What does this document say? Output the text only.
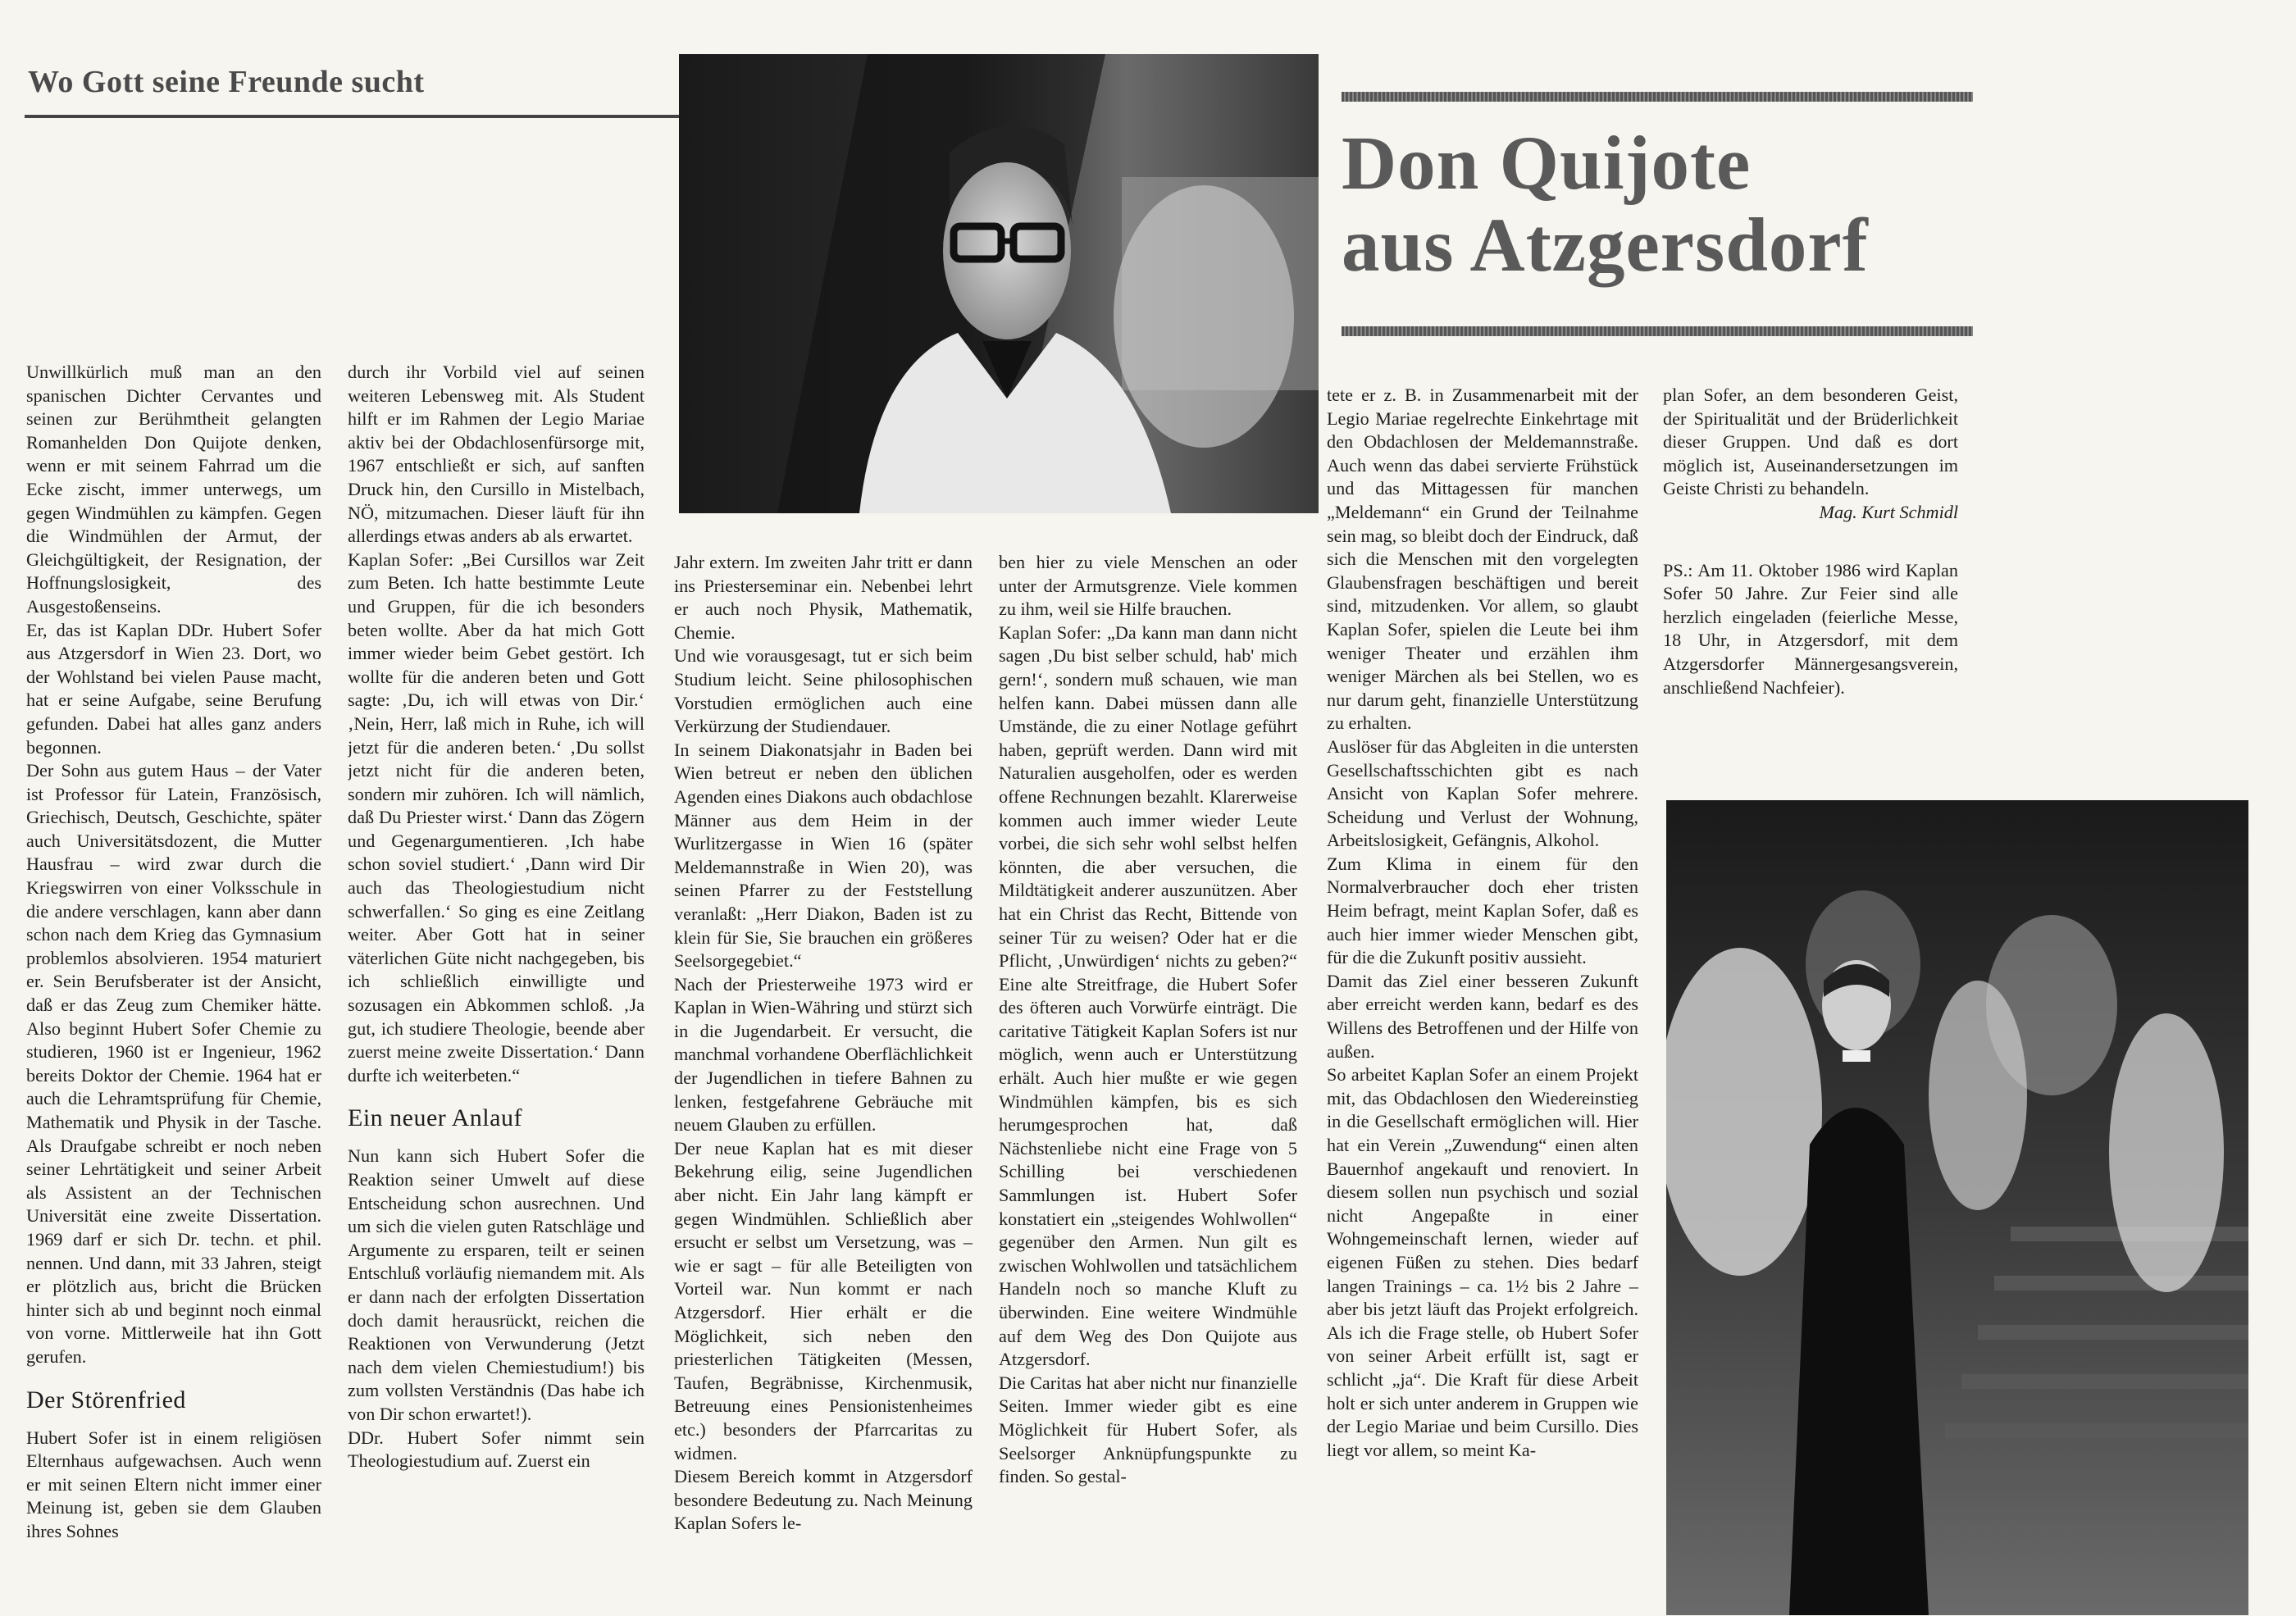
Wo Gott seine Freunde sucht
Don Quijote
aus Atzgersdorf

Unwillkürlich muß man an den spanischen Dichter Cervantes und seinen zur Berühmtheit gelangten Romanhelden Don Quijote denken, wenn er mit seinem Fahrrad um die Ecke zischt, immer unterwegs, um gegen Windmühlen zu kämpfen. Gegen die Windmühlen der Armut, der Gleichgültigkeit, der Resignation, der Hoffnungslosigkeit, des Ausgestoßenseins.

Er, das ist Kaplan DDr. Hubert Sofer aus Atzgersdorf in Wien 23. Dort, wo der Wohlstand bei vielen Pause macht, hat er seine Aufgabe, seine Berufung gefunden. Dabei hat alles ganz anders begonnen.

Der Sohn aus gutem Haus – der Vater ist Professor für Latein, Französisch, Griechisch, Deutsch, Geschichte, später auch Universitätsdozent, die Mutter Hausfrau – wird zwar durch die Kriegswirren von einer Volksschule in die andere verschlagen, kann aber dann schon nach dem Krieg das Gymnasium problemlos absolvieren. 1954 maturiert er. Sein Berufsberater ist der Ansicht, daß er das Zeug zum Chemiker hätte. Also beginnt Hubert Sofer Chemie zu studieren, 1960 ist er Ingenieur, 1962 bereits Doktor der Chemie. 1964 hat er auch die Lehramtsprüfung für Chemie, Mathematik und Physik in der Tasche. Als Draufgabe schreibt er noch neben seiner Lehrtätigkeit und seiner Arbeit als Assistent an der Technischen Universität eine zweite Dissertation. 1969 darf er sich Dr. techn. et phil. nennen. Und dann, mit 33 Jahren, steigt er plötzlich aus, bricht die Brücken hinter sich ab und beginnt noch einmal von vorne. Mittlerweile hat ihn Gott gerufen.

Der Störenfried

Hubert Sofer ist in einem religiösen Elternhaus aufgewachsen. Auch wenn er mit seinen Eltern nicht immer einer Meinung ist, geben sie dem Glauben ihres Sohnes

durch ihr Vorbild viel auf seinen weiteren Lebensweg mit. Als Student hilft er im Rahmen der Legio Mariae aktiv bei der Obdachlosenfürsorge mit, 1967 entschließt er sich, auf sanften Druck hin, den Cursillo in Mistelbach, NÖ, mitzumachen. Dieser läuft für ihn allerdings etwas anders ab als erwartet.

Kaplan Sofer: „Bei Cursillos war Zeit zum Beten. Ich hatte bestimmte Leute und Gruppen, für die ich besonders beten wollte. Aber da hat mich Gott immer wieder beim Gebet gestört. Ich wollte für die anderen beten und Gott sagte: ‚Du, ich will etwas von Dir.‘ ‚Nein, Herr, laß mich in Ruhe, ich will jetzt für die anderen beten.‘ ‚Du sollst jetzt nicht für die anderen beten, sondern mir zuhören. Ich will nämlich, daß Du Priester wirst.‘ Dann das Zögern und Gegenargumentieren. ‚Ich habe schon soviel studiert.‘ ‚Dann wird Dir auch das Theologiestudium nicht schwerfallen.‘ So ging es eine Zeitlang weiter. Aber Gott hat in seiner väterlichen Güte nicht nachgegeben, bis ich schließlich einwilligte und sozusagen ein Abkommen schloß. ‚Ja gut, ich studiere Theologie, beende aber zuerst meine zweite Dissertation.‘ Dann durfte ich weiterbeten.“

Ein neuer Anlauf

Nun kann sich Hubert Sofer die Reaktion seiner Umwelt auf diese Entscheidung schon ausrechnen. Und um sich die vielen guten Ratschläge und Argumente zu ersparen, teilt er seinen Entschluß vorläufig niemandem mit. Als er dann nach der erfolgten Dissertation doch damit herausrückt, reichen die Reaktionen von Verwunderung (Jetzt nach dem vielen Chemiestudium!) bis zum vollsten Verständnis (Das habe ich von Dir schon erwartet!).

DDr. Hubert Sofer nimmt sein Theologiestudium auf. Zuerst ein

Jahr extern. Im zweiten Jahr tritt er dann ins Priesterseminar ein. Nebenbei lehrt er auch noch Physik, Mathematik, Chemie.

Und wie vorausgesagt, tut er sich beim Studium leicht. Seine philosophischen Vorstudien ermöglichen auch eine Verkürzung der Studiendauer.

In seinem Diakonatsjahr in Baden bei Wien betreut er neben den üblichen Agenden eines Diakons auch obdachlose Männer aus dem Heim in der Wurlitzergasse in Wien 16 (später Meldemannstraße in Wien 20), was seinen Pfarrer zu der Feststellung veranlaßt: „Herr Diakon, Baden ist zu klein für Sie, Sie brauchen ein größeres Seelsorgegebiet.“

Nach der Priesterweihe 1973 wird er Kaplan in Wien-Währing und stürzt sich in die Jugendarbeit. Er versucht, die manchmal vorhandene Oberflächlichkeit der Jugendlichen in tiefere Bahnen zu lenken, festgefahrene Gebräuche mit neuem Glauben zu erfüllen.

Der neue Kaplan hat es mit dieser Bekehrung eilig, seine Jugendlichen aber nicht. Ein Jahr lang kämpft er gegen Windmühlen. Schließlich aber ersucht er selbst um Versetzung, was – wie er sagt – für alle Beteiligten von Vorteil war. Nun kommt er nach Atzgersdorf. Hier erhält er die Möglichkeit, sich neben den priesterlichen Tätigkeiten (Messen, Taufen, Begräbnisse, Kirchenmusik, Betreuung eines Pensionistenheimes etc.) besonders der Pfarrcaritas zu widmen.

Diesem Bereich kommt in Atzgersdorf besondere Bedeutung zu. Nach Meinung Kaplan Sofers le-

ben hier zu viele Menschen an oder unter der Armutsgrenze. Viele kommen zu ihm, weil sie Hilfe brauchen.

Kaplan Sofer: „Da kann man dann nicht sagen ‚Du bist selber schuld, hab' mich gern!‘, sondern muß schauen, wie man helfen kann. Dabei müssen dann alle Umstände, die zu einer Notlage geführt haben, geprüft werden. Dann wird mit Naturalien ausgeholfen, oder es werden offene Rechnungen bezahlt. Klarerweise kommen auch immer wieder Leute vorbei, die sich sehr wohl selbst helfen könnten, die aber versuchen, die Mildtätigkeit anderer auszunützen. Aber hat ein Christ das Recht, Bittende von seiner Tür zu weisen? Oder hat er die Pflicht, ‚Unwürdigen‘ nichts zu geben?“ Eine alte Streitfrage, die Hubert Sofer des öfteren auch Vorwürfe einträgt. Die caritative Tätigkeit Kaplan Sofers ist nur möglich, wenn auch er Unterstützung erhält. Auch hier mußte er wie gegen Windmühlen kämpfen, bis es sich herumgesprochen hat, daß Nächstenliebe nicht eine Frage von 5 Schilling bei verschiedenen Sammlungen ist. Hubert Sofer konstatiert ein „steigendes Wohlwollen“ gegenüber den Armen. Nun gilt es zwischen Wohlwollen und tatsächlichem Handeln noch so manche Kluft zu überwinden. Eine weitere Windmühle auf dem Weg des Don Quijote aus Atzgersdorf.

Die Caritas hat aber nicht nur finanzielle Seiten. Immer wieder gibt es eine Möglichkeit für Hubert Sofer, als Seelsorger Anknüpfungspunkte zu finden. So gestal-

tete er z. B. in Zusammenarbeit mit der Legio Mariae regelrechte Einkehrtage mit den Obdachlosen der Meldemannstraße. Auch wenn das dabei servierte Frühstück und das Mittagessen für manchen „Meldemann“ ein Grund der Teilnahme sein mag, so bleibt doch der Eindruck, daß sich die Menschen mit den vorgelegten Glaubensfragen beschäftigen und bereit sind, mitzudenken. Vor allem, so glaubt Kaplan Sofer, spielen die Leute bei ihm weniger Theater und erzählen ihm weniger Märchen als bei Stellen, wo es nur darum geht, finanzielle Unterstützung zu erhalten.

Auslöser für das Abgleiten in die untersten Gesellschaftsschichten gibt es nach Ansicht von Kaplan Sofer mehrere. Scheidung und Verlust der Wohnung, Arbeitslosigkeit, Gefängnis, Alkohol.

Zum Klima in einem für den Normalverbraucher doch eher tristen Heim befragt, meint Kaplan Sofer, daß es auch hier immer wieder Menschen gibt, für die die Zukunft positiv aussieht.

Damit das Ziel einer besseren Zukunft aber erreicht werden kann, bedarf es des Willens des Betroffenen und der Hilfe von außen.

So arbeitet Kaplan Sofer an einem Projekt mit, das Obdachlosen den Wiedereinstieg in die Gesellschaft ermöglichen will. Hier hat ein Verein „Zuwendung“ einen alten Bauernhof angekauft und renoviert. In diesem sollen nun psychisch und sozial nicht Angepaßte in einer Wohngemeinschaft lernen, wieder auf eigenen Füßen zu stehen. Dies bedarf langen Trainings – ca. 1½ bis 2 Jahre – aber bis jetzt läuft das Projekt erfolgreich. Als ich die Frage stelle, ob Hubert Sofer von seiner Arbeit erfüllt ist, sagt er schlicht „ja“. Die Kraft für diese Arbeit holt er sich unter anderem in Gruppen wie der Legio Mariae und beim Cursillo. Dies liegt vor allem, so meint Ka-

plan Sofer, an dem besonderen Geist, der Spiritualität und der Brüderlichkeit dieser Gruppen. Und daß es dort möglich ist, Auseinandersetzungen im Geiste Christi zu behandeln.

Mag. Kurt Schmidl

PS.: Am 11. Oktober 1986 wird Kaplan Sofer 50 Jahre. Zur Feier sind alle herzlich eingeladen (feierliche Messe, 18 Uhr, in Atzgersdorf, mit dem Atzgersdorfer Männergesangsverein, anschließend Nachfeier).
